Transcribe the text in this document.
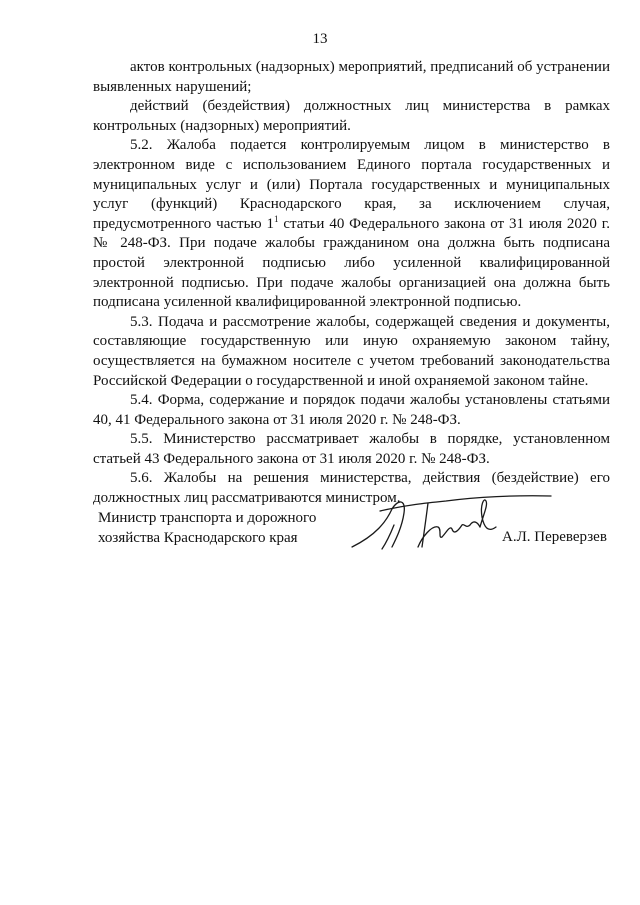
13

актов контрольных (надзорных) мероприятий, предписаний об устранении выявленных нарушений;

действий (бездействия) должностных лиц министерства в рамках контрольных (надзорных) мероприятий.

5.2. Жалоба подается контролируемым лицом в министерство в электронном виде с использованием Единого портала государственных и муниципальных услуг и (или) Портала государственных и муниципальных услуг (функций) Краснодарского края, за исключением случая, предусмотренного частью $1^1$ статьи 40 Федерального закона от 31 июля 2020 г. № 248-ФЗ. При подаче жалобы гражданином она должна быть подписана простой электронной подписью либо усиленной квалифицированной электронной подписью. При подаче жалобы организацией она должна быть подписана усиленной квалифицированной электронной подписью.

5.3. Подача и рассмотрение жалобы, содержащей сведения и документы, составляющие государственную или иную охраняемую законом тайну, осуществляется на бумажном носителе с учетом требований законодательства Российской Федерации о государственной и иной охраняемой законом тайне.

5.4. Форма, содержание и порядок подачи жалобы установлены статьями 40, 41 Федерального закона от 31 июля 2020 г. № 248-ФЗ.

5.5. Министерство рассматривает жалобы в порядке, установленном статьей 43 Федерального закона от 31 июля 2020 г. № 248-ФЗ.

5.6. Жалобы на решения министерства, действия (бездействие) его должностных лиц рассматриваются министром.

Министр транспорта и дорожного
хозяйства Краснодарского края	А.Л. Переверзев
